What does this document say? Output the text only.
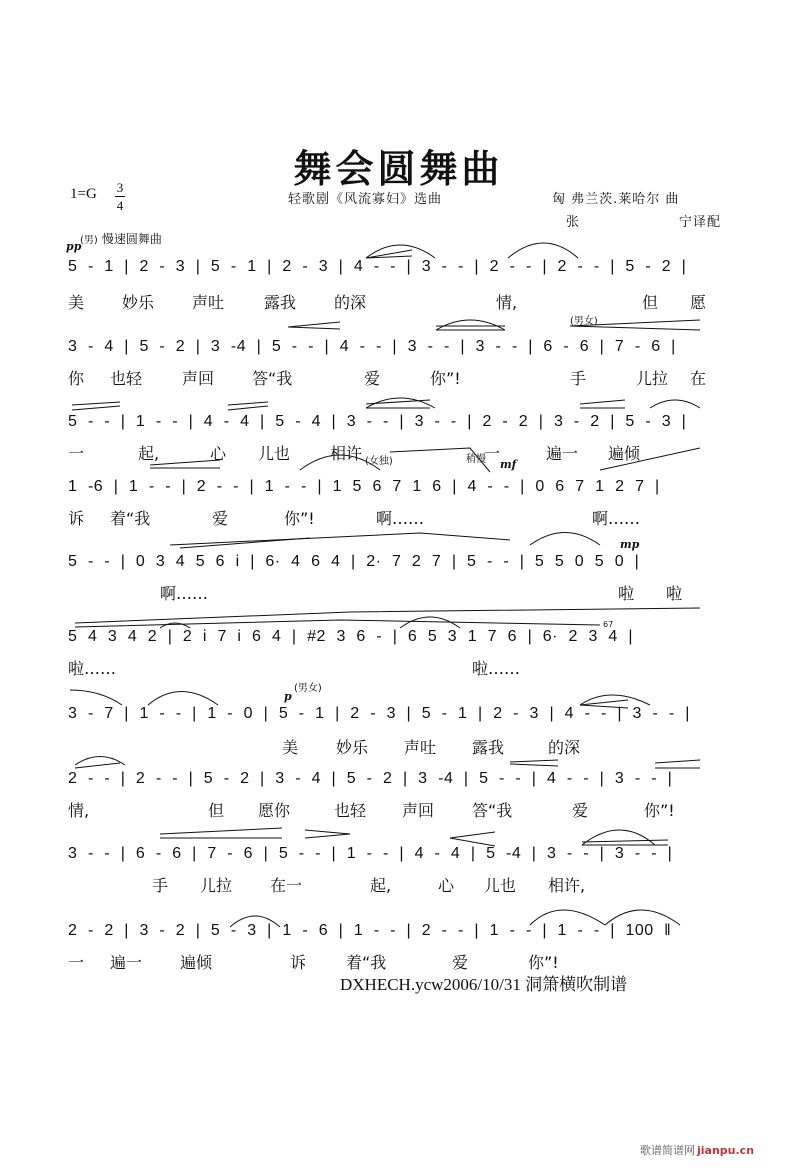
舞会圆舞曲
1=G 3
4	轻歌剧《风流寡妇》选曲	匈 弗兰茨.莱哈尔 曲
张	宁译配
(男) 慢速圆舞曲
pp
(男女)
(女独)	稍慢 mf
mp
(男女)
p
67
5 - 1 | 2 - 3 | 5 - 1 | 2 - 3 | 4 - - | 3 - - | 2 - - | 2 - - | 5 - 2 |
美 妙乐 声吐 露我 的深	情,	但 愿
3 - 4 | 5 - 2 | 3 -4 | 5 - - | 4 - - | 3 - - | 3 - - | 6 - 6 | 7 - 6 |
你 也轻 声回 答“我	爱	你”!	手	儿拉 在
5 - - | 1 - - | 4 - 4 | 5 - 4 | 3 - - | 3 - - | 2 - 2 | 3 - 2 | 5 - 3 |
一	起,	心 儿也 相许	一	遍一 遍倾
1 -6 | 1 - - | 2 - - | 1 - - | 1 5 6 7 1 6 | 4 - - | 0 6 7 1 2 7 |
诉 着“我	爱	你”!	啊……	啊……
5 - - | 0 3 4 5 6 i | 6· 4 6 4 | 2· 7 2 7 | 5 - - | 5 5 0 5 0 |
啊……	啦 啦
5 4 3 4 2 | 2 i 7 i 6 4 | #2 3 6 - | 6 5 3 1 7 6 | 6· 2 3 4 |
啦……	啦……
3 - 7 | 1 - - | 1 - 0 | 5 - 1 | 2 - 3 | 5 - 1 | 2 - 3 | 4 - - | 3 - - |
美 妙乐 声吐 露我	的深
2 - - | 2 - - | 5 - 2 | 3 - 4 | 5 - 2 | 3 -4 | 5 - - | 4 - - | 3 - - |
情,	但 愿你	也轻 声回 答“我	爱	你”!
3 - - | 6 - 6 | 7 - 6 | 5 - - | 1 - - | 4 - 4 | 5 -4 | 3 - - | 3 - - |
手 儿拉 在一	起,	心 儿也 相许,
2 - 2 | 3 - 2 | 5 - 3 | 1 - 6 | 1 - - | 2 - - | 1 - - | 1 - - | 100 ‖
一 遍一 遍倾	诉 着“我	爱	你”!
DXHECH.ycw2006/10/31 洞箫横吹制谱
歌谱简谱网 jianpu.cn
